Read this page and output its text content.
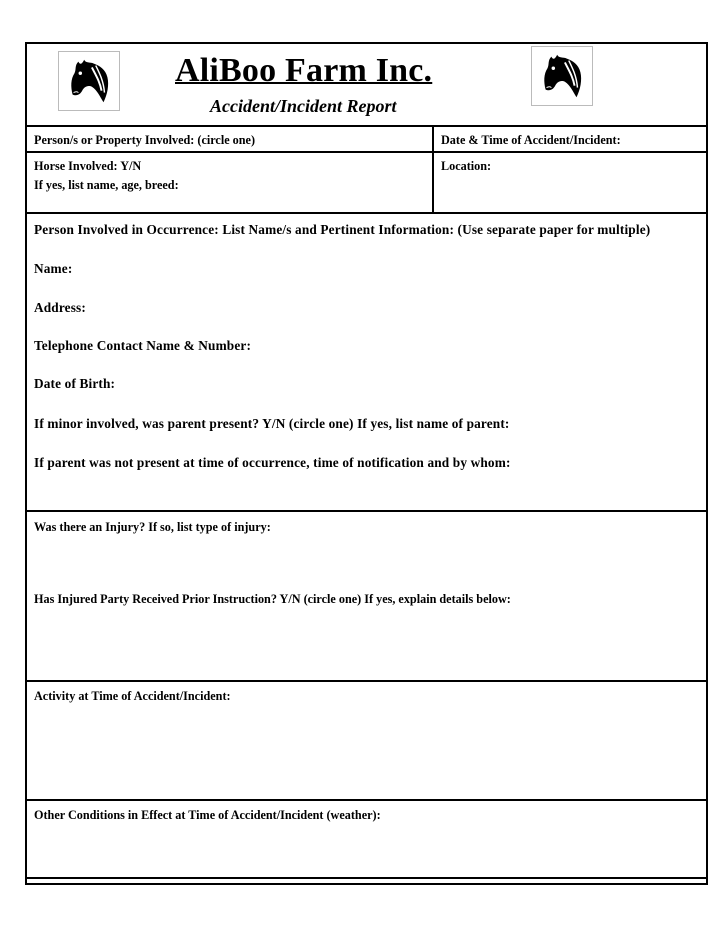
AliBoo Farm Inc.
Accident/Incident Report
Person/s or Property Involved: (circle one)	Date & Time of Accident/Incident:
Horse Involved: Y/N
If yes, list name, age, breed:
Location:
Person Involved in Occurrence: List Name/s and Pertinent Information: (Use separate paper for multiple)
Name:
Address:
Telephone Contact Name & Number:
Date of Birth:
If minor involved, was parent present? Y/N (circle one) If yes, list name of parent:
If parent was not present at time of occurrence, time of notification and by whom:
Was there an Injury? If so, list type of injury:
Has Injured Party Received Prior Instruction? Y/N (circle one) If yes, explain details below:
Activity at Time of Accident/Incident:
Other Conditions in Effect at Time of Accident/Incident (weather):
